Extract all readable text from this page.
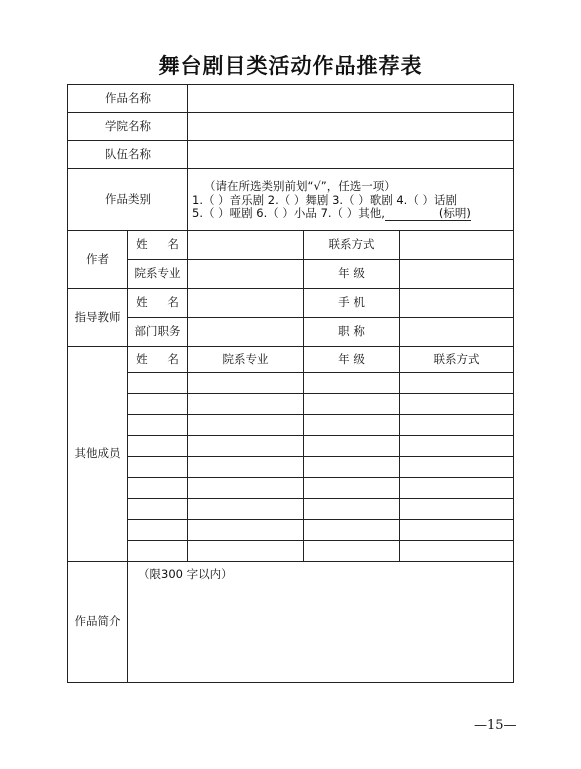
舞台剧目类活动作品推荐表
作品名称				
学院名称				
队伍名称				
作品类别		（请在所选类别前划“√”，任选一项）
1.（ ）音乐剧 2.（ ）舞剧 3.（ ）歌剧 4.（ ）话剧
5.（ ）哑剧 6.（ ）小品 7.（ ）其他, (标明)		

作者	姓 名		联系方式	
	院系专业		年 级	
指导教师	姓 名		手 机	
	部门职务		职 称	
其他成员	姓 名	院系专业	年 级	联系方式

作品简介	（限300 字以内）			
—15—
